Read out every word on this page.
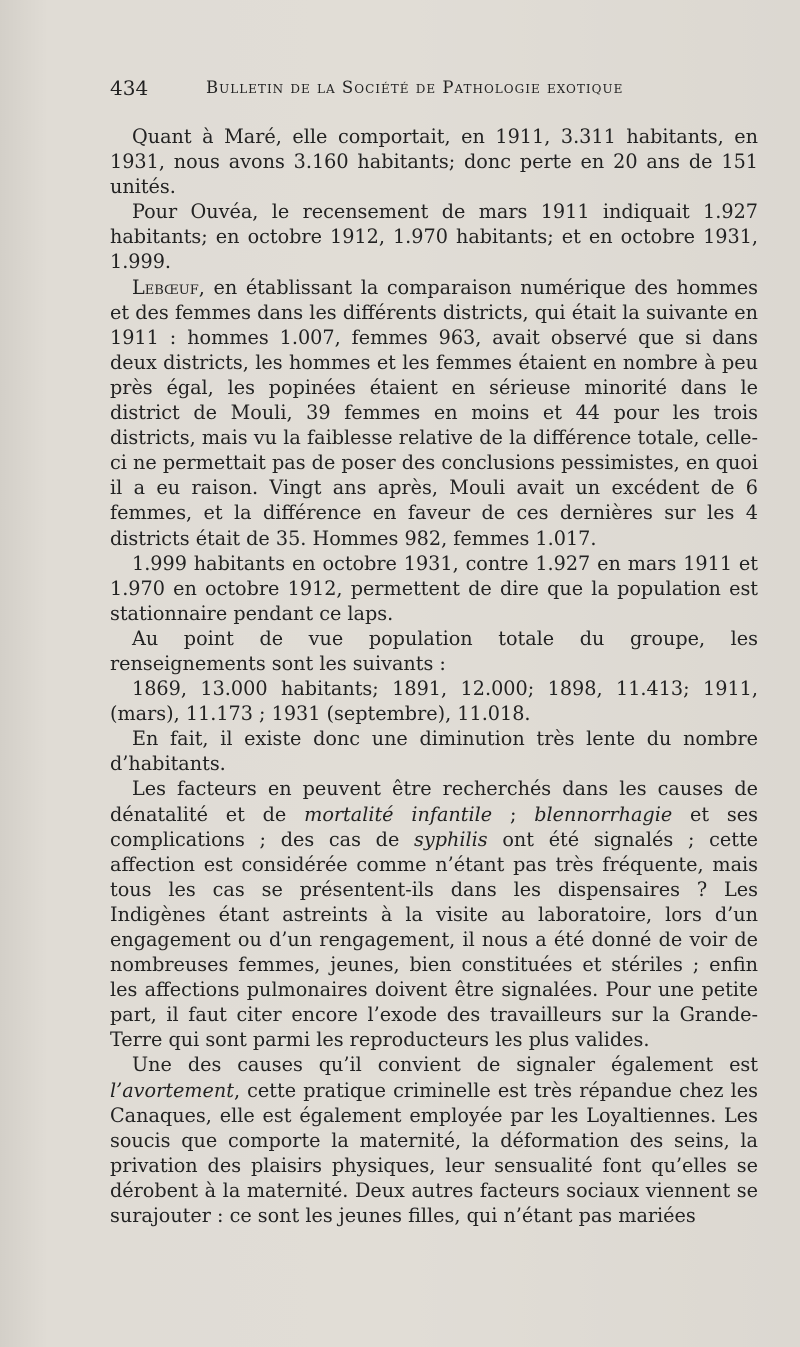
434	Bulletin de la Société de Pathologie exotique

Quant à Maré, elle comportait, en 1911, 3.311 habitants, en 1931, nous avons 3.160 habitants; donc perte en 20 ans de 151 unités.

Pour Ouvéa, le recensement de mars 1911 indiquait 1.927 habitants; en octobre 1912, 1.970 habitants; et en octobre 1931, 1.999.

Lebœuf, en établissant la comparaison numérique des hommes et des femmes dans les différents districts, qui était la suivante en 1911 : hommes 1.007, femmes 963, avait observé que si dans deux districts, les hommes et les femmes étaient en nombre à peu près égal, les popinées étaient en sérieuse minorité dans le district de Mouli, 39 femmes en moins et 44 pour les trois districts, mais vu la faiblesse relative de la différence totale, celle-ci ne permettait pas de poser des conclusions pessimistes, en quoi il a eu raison. Vingt ans après, Mouli avait un excédent de 6 femmes, et la différence en faveur de ces dernières sur les 4 districts était de 35. Hommes 982, femmes 1.017.

1.999 habitants en octobre 1931, contre 1.927 en mars 1911 et 1.970 en octobre 1912, permettent de dire que la population est stationnaire pendant ce laps.

Au point de vue population totale du groupe, les renseignements sont les suivants :

1869, 13.000 habitants; 1891, 12.000; 1898, 11.413; 1911, (mars), 11.173 ; 1931 (septembre), 11.018.

En fait, il existe donc une diminution très lente du nombre d’habitants.

Les facteurs en peuvent être recherchés dans les causes de dénatalité et de mortalité infantile ; blennorrhagie et ses complications ; des cas de syphilis ont été signalés ; cette affection est considérée comme n’étant pas très fréquente, mais tous les cas se présentent-ils dans les dispensaires ? Les Indigènes étant astreints à la visite au laboratoire, lors d’un engagement ou d’un rengagement, il nous a été donné de voir de nombreuses femmes, jeunes, bien constituées et stériles ; enfin les affections pulmonaires doivent être signalées. Pour une petite part, il faut citer encore l’exode des travailleurs sur la Grande-Terre qui sont parmi les reproducteurs les plus valides.

Une des causes qu’il convient de signaler également est l’avortement, cette pratique criminelle est très répandue chez les Canaques, elle est également employée par les Loyaltiennes. Les soucis que comporte la maternité, la déformation des seins, la privation des plaisirs physiques, leur sensualité font qu’elles se dérobent à la maternité. Deux autres facteurs sociaux viennent se surajouter : ce sont les jeunes filles, qui n’étant pas mariées
